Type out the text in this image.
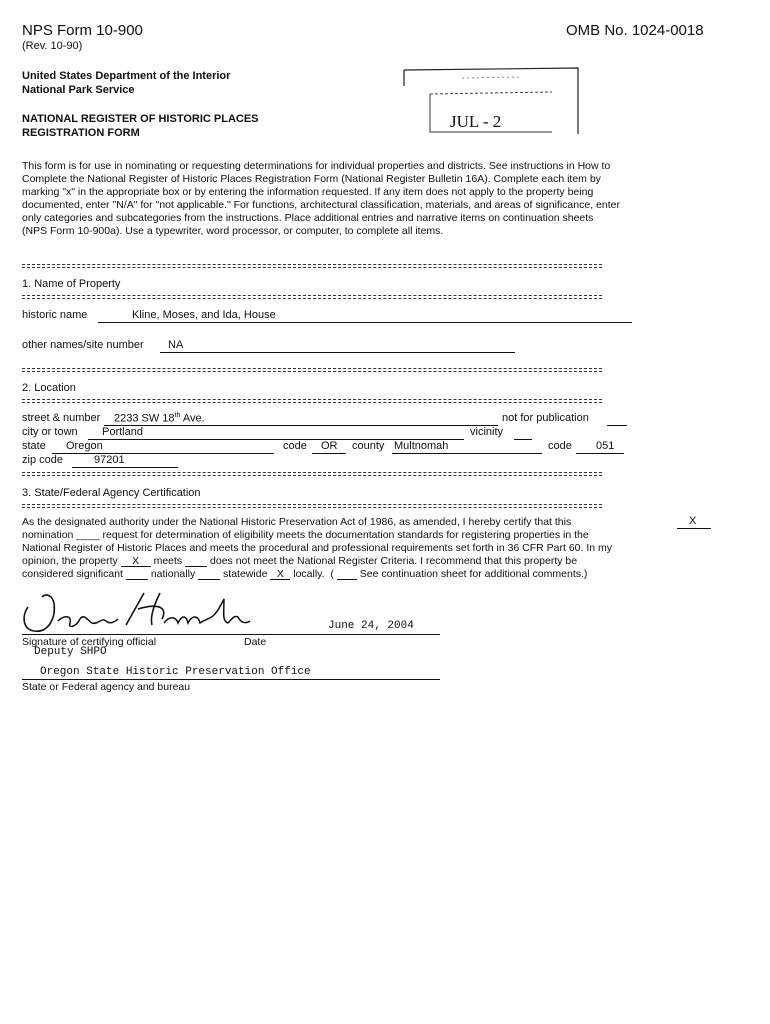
NPS Form 10-900
(Rev. 10-90)
OMB No. 1024-0018
United States Department of the Interior
National Park Service
NATIONAL REGISTER OF HISTORIC PLACES
REGISTRATION FORM
JUL - 2
This form is for use in nominating or requesting determinations for individual properties and districts. See instructions in How to
Complete the National Register of Historic Places Registration Form (National Register Bulletin 16A). Complete each item by
marking "x" in the appropriate box or by entering the information requested. If any item does not apply to the property being
documented, enter "N/A" for "not applicable." For functions, architectural classification, materials, and areas of significance, enter
only categories and subcategories from the instructions. Place additional entries and narrative items on continuation sheets
(NPS Form 10-900a). Use a typewriter, word processor, or computer, to complete all items.
1. Name of Property
historic name	Kline, Moses, and Ida, House
other names/site number NA
2. Location
street & number 2233 SW 18th Ave.	not for publication
city or town Portland	vicinity
state Oregon	code OR county Multnomah	code 051
zip code	97201
3. State/Federal Agency Certification
As the designated authority under the National Historic Preservation Act of 1986, as amended, I hereby certify that this	X
nomination ____ request for determination of eligibility meets the documentation standards for registering properties in the
National Register of Historic Places and meets the procedural and professional requirements set forth in 36 CFR Part 60. In my
opinion, the property X meets	does not meet the National Register Criteria. I recommend that this property be
considered significant	nationally	statewide X locally.  ( See continuation sheet for additional comments.)
June 24, 2004
Signature of certifying official
Deputy SHPO
Date
Oregon State Historic Preservation Office
State or Federal agency and bureau
